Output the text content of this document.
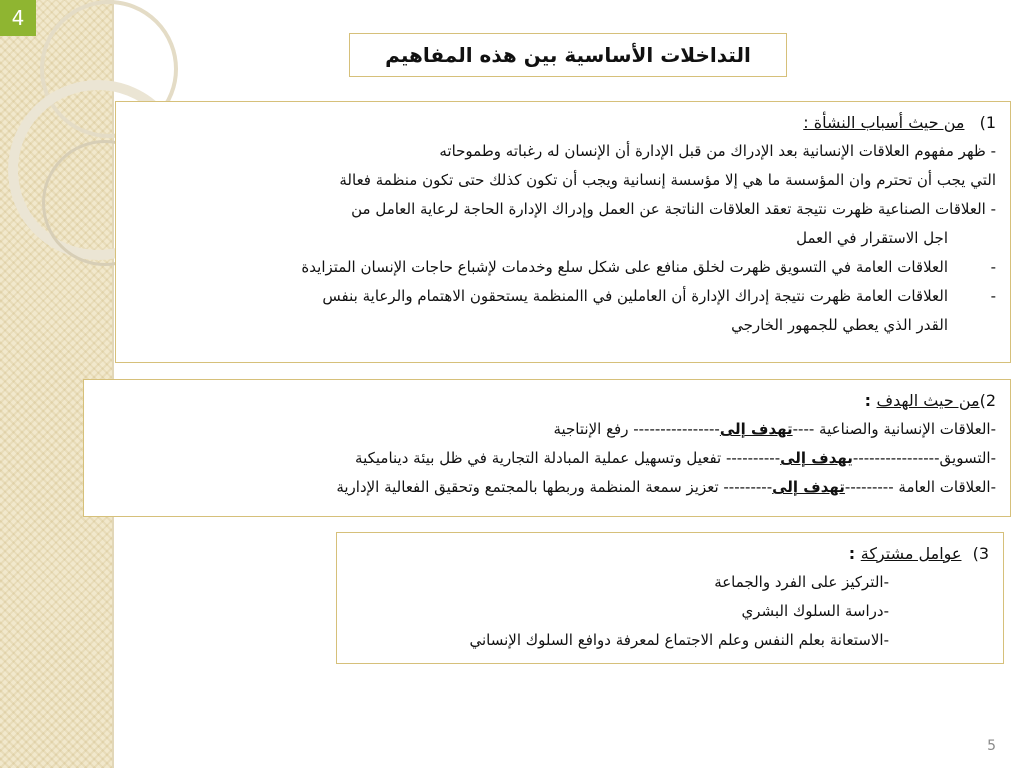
4
التداخلات الأساسية بين هذه المفاهيم
1) من حيث أسباب النشأة :
- ظهر مفهوم العلاقات الإنسانية بعد الإدراك من قبل الإدارة أن الإنسان له رغباته وطموحاته
التي يجب أن تحترم وان المؤسسة ما هي إلا مؤسسة إنسانية ويجب أن تكون كذلك حتى تكون منظمة فعالة
- العلاقات الصناعية ظهرت نتيجة تعقد العلاقات الناتجة عن العمل وإدراك الإدارة الحاجة لرعاية العامل من
اجل الاستقرار في العمل
-العلاقات العامة في التسويق ظهرت لخلق منافع على شكل سلع وخدمات لإشباع حاجات الإنسان المتزايدة
-العلاقات العامة ظهرت نتيجة إدراك الإدارة أن العاملين في االمنظمة يستحقون الاهتمام والرعاية بنفس
القدر الذي يعطي للجمهور الخارجي
2)من حيث الهدف :
-العلاقات الإنسانية والصناعية ----تهدف إلى---------------- رفع الإنتاجية
-التسويق----------------يهدف إلى---------- تفعيل وتسهيل عملية المبادلة التجارية في ظل بيئة ديناميكية
-العلاقات العامة ---------تهدف إلى--------- تعزيز سمعة المنظمة وربطها بالمجتمع وتحقيق الفعالية الإدارية
3) عوامل مشتركة :
-التركيز على الفرد والجماعة
-دراسة السلوك البشري
-الاستعانة بعلم النفس وعلم الاجتماع لمعرفة دوافع السلوك الإنساني
5
